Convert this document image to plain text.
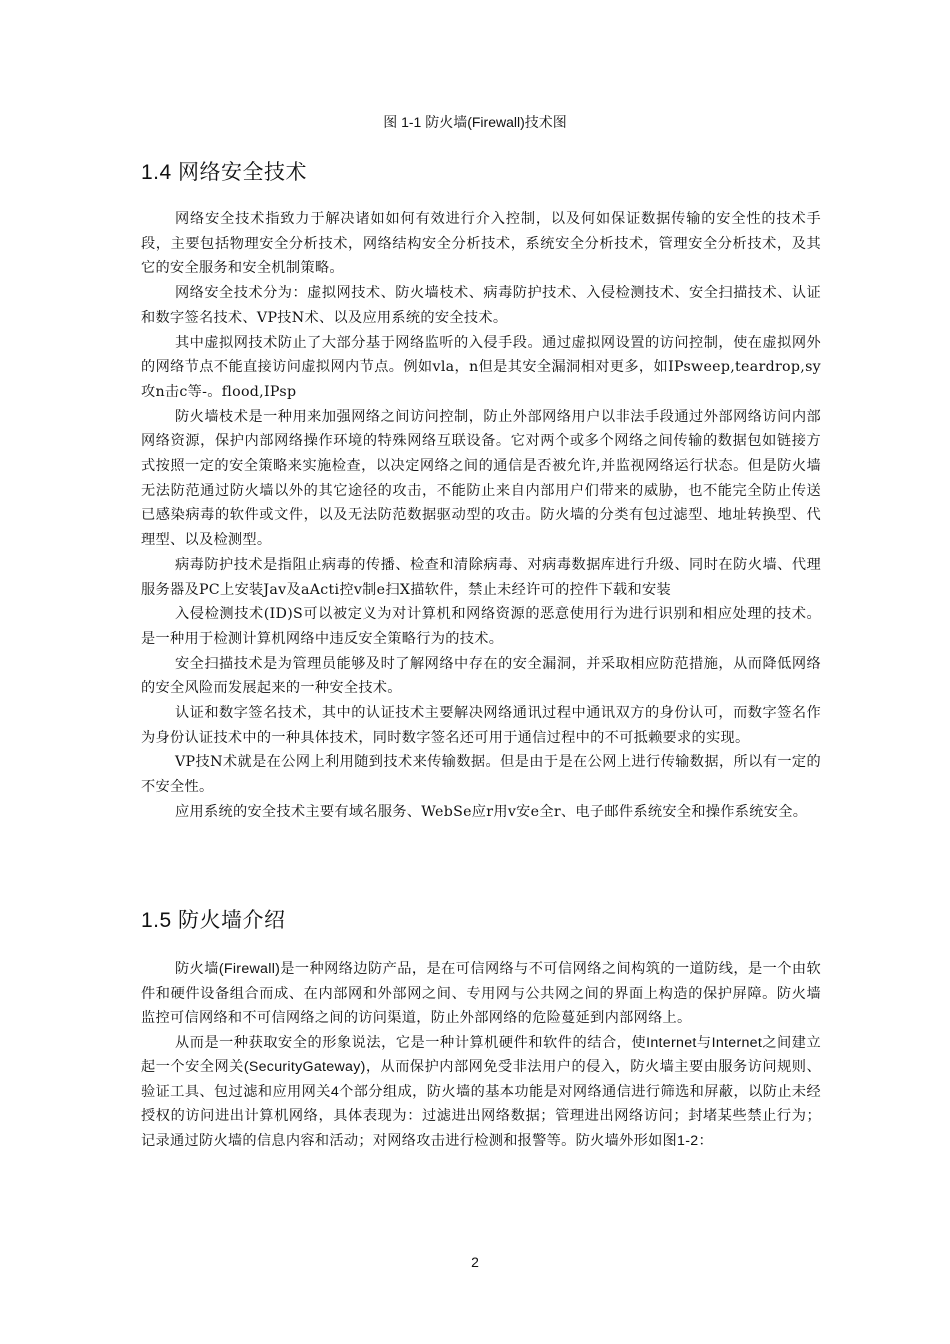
图 1-1 防火墙(Firewall)技术图
1.4 网络安全技术

网络安全技术指致力于解决诸如如何有效进行介入控制，以及何如保证数据传输的安全性的技术手段，主要包括物理安全分析技术，网络结构安全分析技术，系统安全分析技术，管理安全分析技术，及其它的安全服务和安全机制策略。

网络安全技术分为：虚拟网技术、防火墙枝术、病毒防护技术、入侵检测技术、安全扫描技术、认证和数字签名技术、VP技N术、以及应用系统的安全技术。

其中虚拟网技术防止了大部分基于网络监听的入侵手段。通过虚拟网设置的访问控制，使在虚拟网外的网络节点不能直接访问虚拟网内节点。例如vla，n但是其安全漏洞相对更多，如IPsweep,teardrop,sy攻n击c等-。flood,IPsp

防火墙枝术是一种用来加强网络之间访问控制，防止外部网络用户以非法手段通过外部网络访问内部网络资源，保护内部网络操作环境的特殊网络互联设备。它对两个或多个网络之间传输的数据包如链接方式按照一定的安全策略来实施检查，以决定网络之间的通信是否被允许,并监视网络运行状态。但是防火墙无法防范通过防火墙以外的其它途径的攻击，不能防止来自内部用户们带来的威胁，也不能完全防止传送已感染病毒的软件或文件，以及无法防范数据驱动型的攻击。防火墙的分类有包过滤型、地址转换型、代理型、以及检测型。

病毒防护技术是指阻止病毒的传播、检查和清除病毒、对病毒数据库进行升级、同时在防火墙、代理服务器及PC上安装Jav及aActi控v制e扫X描软件，禁止未经许可的控件下载和安装

入侵检测技术(ID)S可以被定义为对计算机和网络资源的恶意使用行为进行识别和相应处理的技术。是一种用于检测计算机网络中违反安全策略行为的技术。

安全扫描技术是为管理员能够及时了解网络中存在的安全漏洞，并采取相应防范措施，从而降低网络的安全风险而发展起来的一种安全技术。

认证和数字签名技术，其中的认证技术主要解决网络通讯过程中通讯双方的身份认可，而数字签名作为身份认证技术中的一种具体技术，同时数字签名还可用于通信过程中的不可抵赖要求的实现。

VP技N术就是在公网上利用随到技术来传输数据。但是由于是在公网上进行传输数据，所以有一定的不安全性。

应用系统的安全技术主要有域名服务、WebSe应r用v安e全r、电子邮件系统安全和操作系统安全。

1.5 防火墙介绍

防火墙(Firewall)是一种网络边防产品，是在可信网络与不可信网络之间构筑的一道防线，是一个由软件和硬件设备组合而成、在内部网和外部网之间、专用网与公共网之间的界面上构造的保护屏障。防火墙监控可信网络和不可信网络之间的访问渠道，防止外部网络的危险蔓延到内部网络上。

从而是一种获取安全的形象说法，它是一种计算机硬件和软件的结合，使Internet与Internet之间建立起一个安全网关(SecurityGateway)，从而保护内部网免受非法用户的侵入，防火墙主要由服务访问规则、验证工具、包过滤和应用网关4个部分组成，防火墙的基本功能是对网络通信进行筛选和屏蔽，以防止未经授权的访问进出计算机网络，具体表现为：过滤进出网络数据；管理进出网络访问；封堵某些禁止行为；记录通过防火墙的信息内容和活动；对网络攻击进行检测和报警等。防火墙外形如图1-2：

2
